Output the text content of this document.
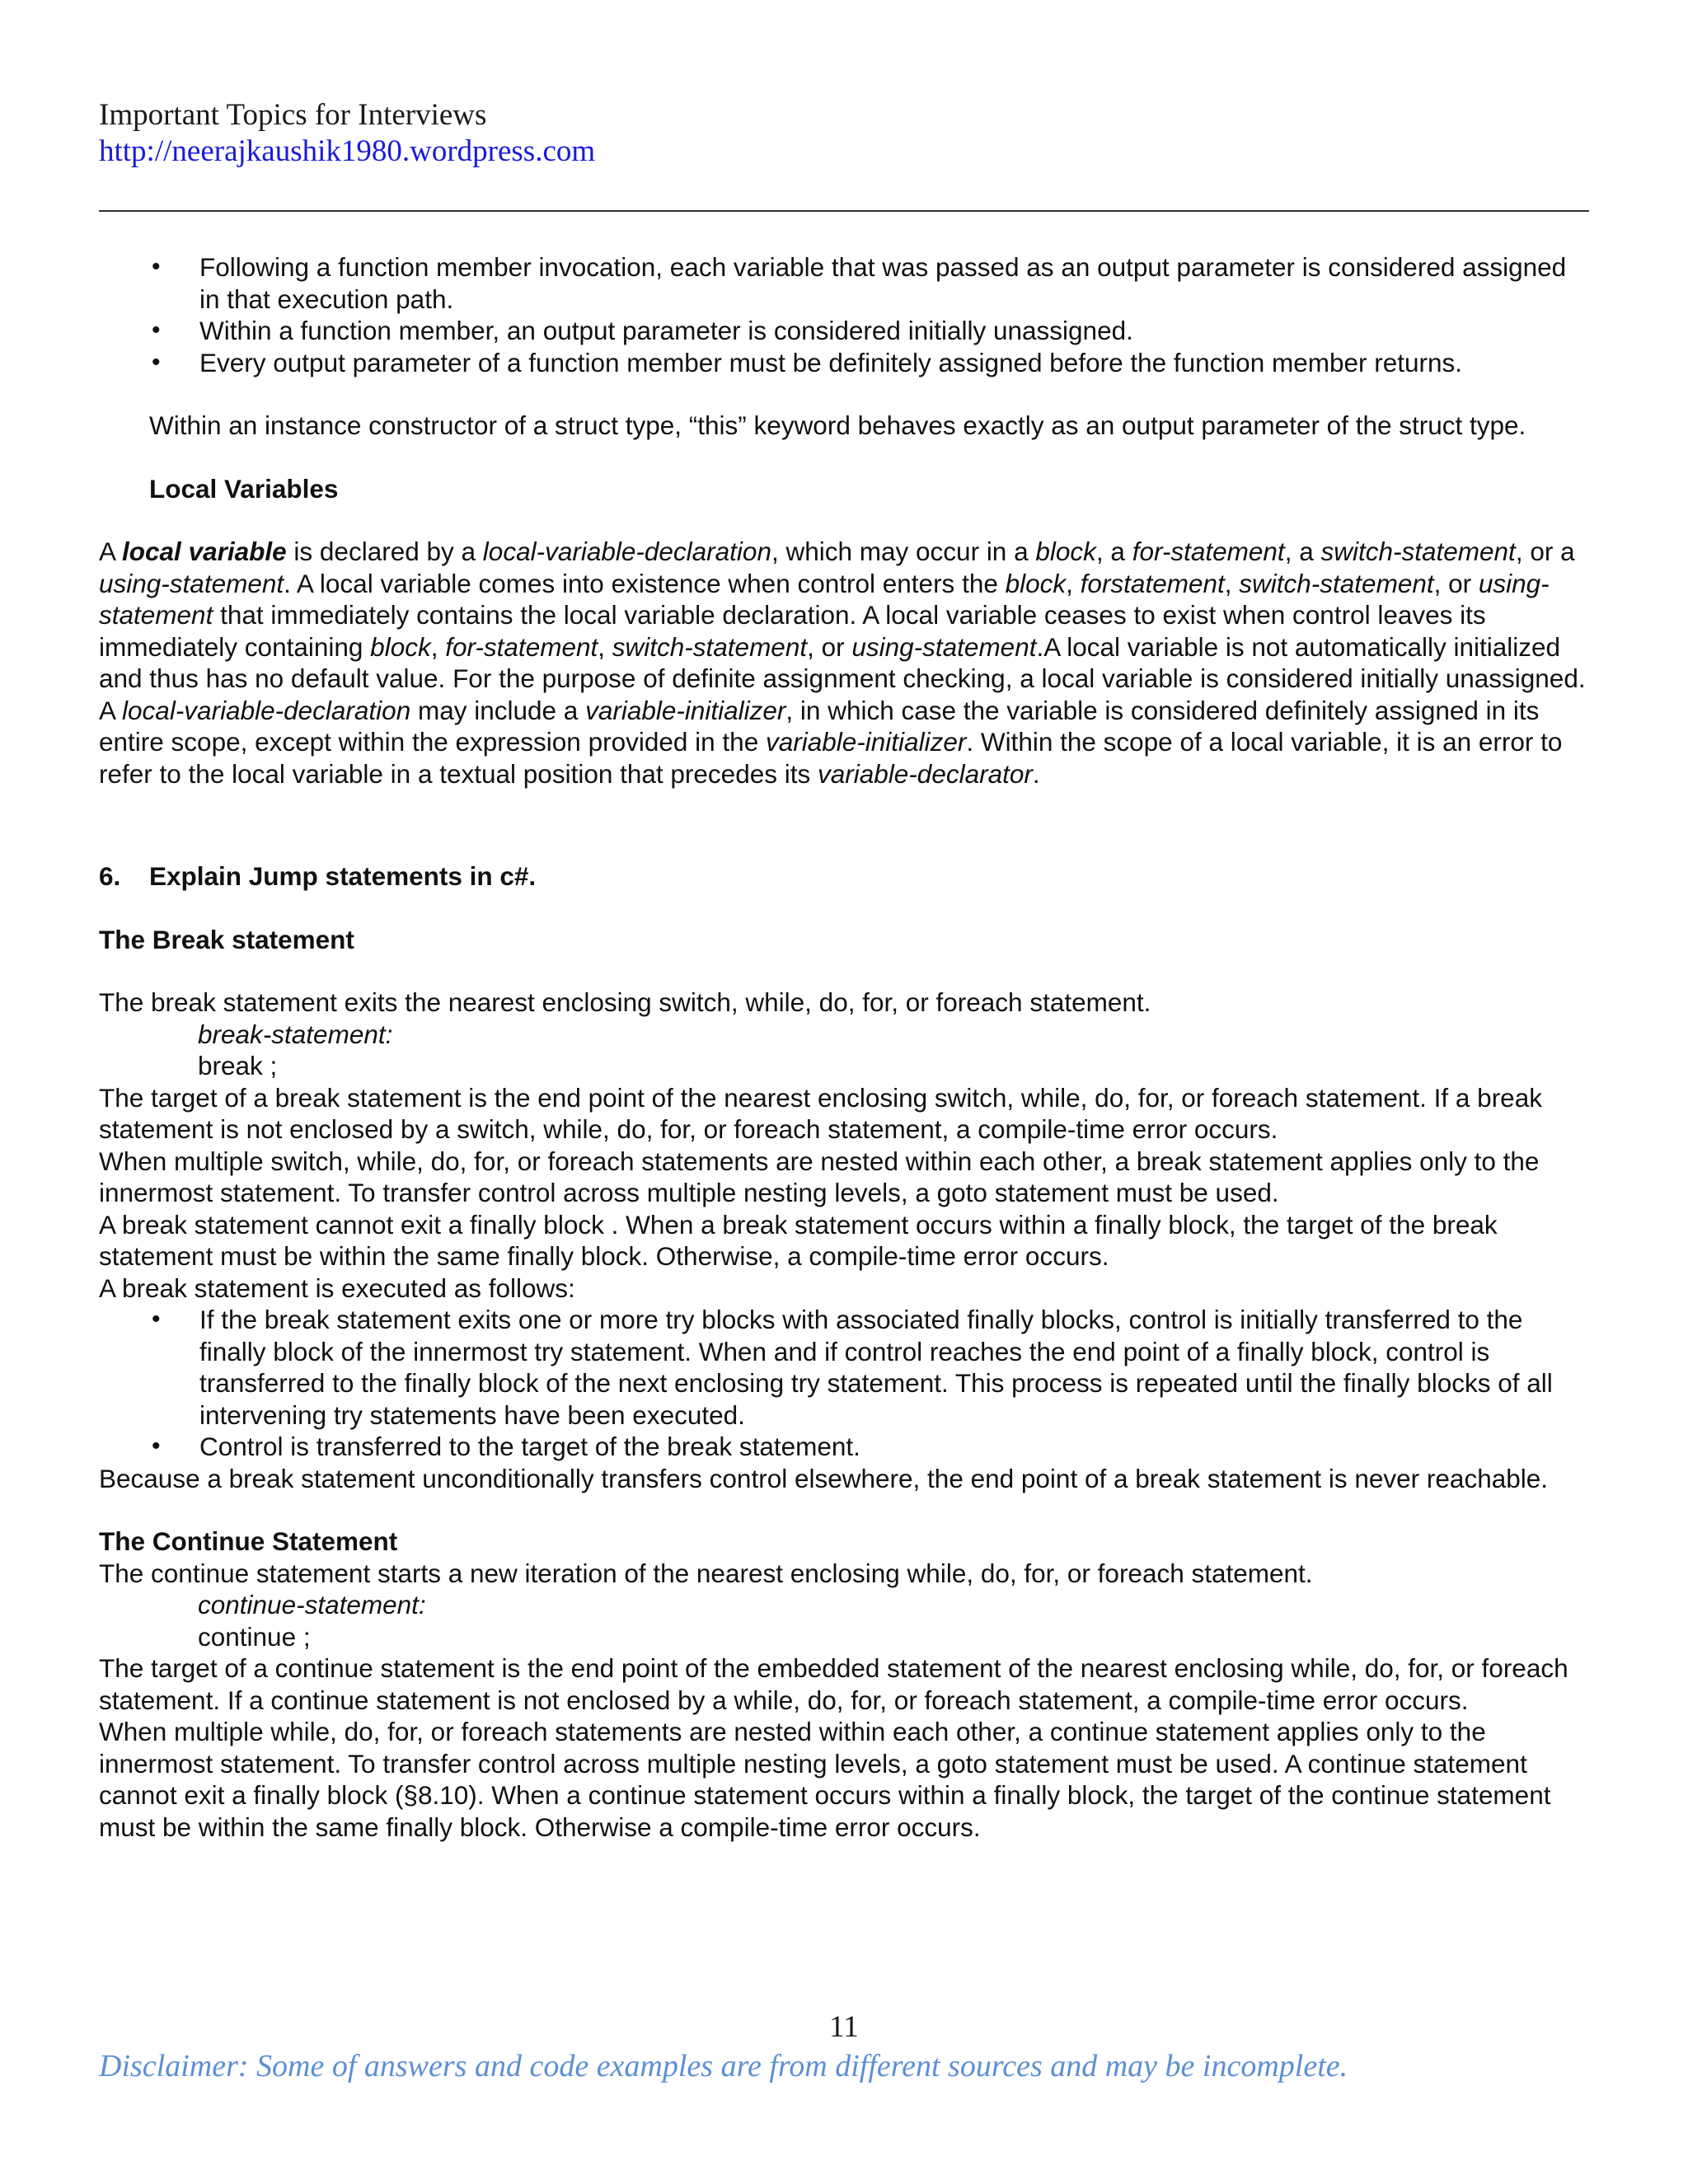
Important Topics for Interviews

http://neerajkaushik1980.wordpress.com
• Following a function member invocation, each variable that was passed as an output parameter is considered assigned in that execution path.
• Within a function member, an output parameter is considered initially unassigned.
• Every output parameter of a function member must be definitely assigned before the function member returns.

Within an instance constructor of a struct type, “this” keyword behaves exactly as an output parameter of the struct type.

Local Variables

A local variable is declared by a local-variable-declaration, which may occur in a block, a for-statement, a switch-statement, or a using-statement. A local variable comes into existence when control enters the block, forstatement, switch-statement, or using-statement that immediately contains the local variable declaration. A local variable ceases to exist when control leaves its immediately containing block, for-statement, switch-statement, or using-statement.A local variable is not automatically initialized and thus has no default value. For the purpose of definite assignment checking, a local variable is considered initially unassigned. A local-variable-declaration may include a variable-initializer, in which case the variable is considered definitely assigned in its entire scope, except within the expression provided in the variable-initializer. Within the scope of a local variable, it is an error to refer to the local variable in a textual position that precedes its variable-declarator.

6.	Explain Jump statements in c#.

The Break statement

The break statement exits the nearest enclosing switch, while, do, for, or foreach statement.

break-statement:

break ;

The target of a break statement is the end point of the nearest enclosing switch, while, do, for, or foreach statement. If a break statement is not enclosed by a switch, while, do, for, or foreach statement, a compile-time error occurs.

When multiple switch, while, do, for, or foreach statements are nested within each other, a break statement applies only to the innermost statement. To transfer control across multiple nesting levels, a goto statement must be used.

A break statement cannot exit a finally block . When a break statement occurs within a finally block, the target of the break statement must be within the same finally block. Otherwise, a compile-time error occurs.

A break statement is executed as follows:

• If the break statement exits one or more try blocks with associated finally blocks, control is initially transferred to the finally block of the innermost try statement. When and if control reaches the end point of a finally block, control is transferred to the finally block of the next enclosing try statement. This process is repeated until the finally blocks of all intervening try statements have been executed.
• Control is transferred to the target of the break statement.

Because a break statement unconditionally transfers control elsewhere, the end point of a break statement is never reachable.

The Continue Statement

The continue statement starts a new iteration of the nearest enclosing while, do, for, or foreach statement.

continue-statement:

continue ;

The target of a continue statement is the end point of the embedded statement of the nearest enclosing while, do, for, or foreach statement. If a continue statement is not enclosed by a while, do, for, or foreach statement, a compile-time error occurs.

When multiple while, do, for, or foreach statements are nested within each other, a continue statement applies only to the innermost statement. To transfer control across multiple nesting levels, a goto statement must be used. A continue statement cannot exit a finally block (§8.10). When a continue statement occurs within a finally block, the target of the continue statement must be within the same finally block. Otherwise a compile-time error occurs.

11
Disclaimer: Some of answers and code examples are from different sources and may be incomplete.
